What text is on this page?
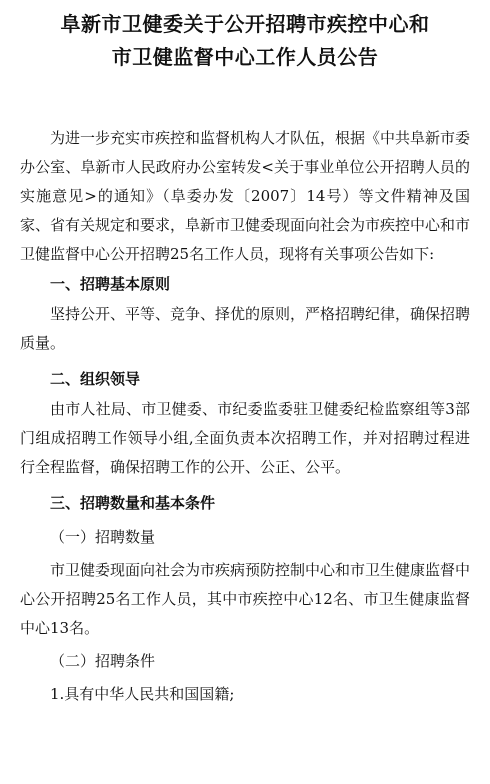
阜新市卫健委关于公开招聘市疾控中心和
市卫健监督中心工作人员公告

为进一步充实市疾控和监督机构人才队伍，根据《中共阜新市委办公室、阜新市人民政府办公室转发<关于事业单位公开招聘人员的实施意见>的通知》（阜委办发〔2007〕14号）等文件精神及国家、省有关规定和要求，阜新市卫健委现面向社会为市疾控中心和市卫健监督中心公开招聘25名工作人员，现将有关事项公告如下:

一、招聘基本原则

坚持公开、平等、竞争、择优的原则，严格招聘纪律，确保招聘质量。

二、组织领导

由市人社局、市卫健委、市纪委监委驻卫健委纪检监察组等3部门组成招聘工作领导小组,全面负责本次招聘工作，并对招聘过程进行全程监督，确保招聘工作的公开、公正、公平。

三、招聘数量和基本条件
（一）招聘数量

市卫健委现面向社会为市疾病预防控制中心和市卫生健康监督中心公开招聘25名工作人员，其中市疾控中心12名、市卫生健康监督中心13名。

（二）招聘条件

1.具有中华人民共和国国籍;
